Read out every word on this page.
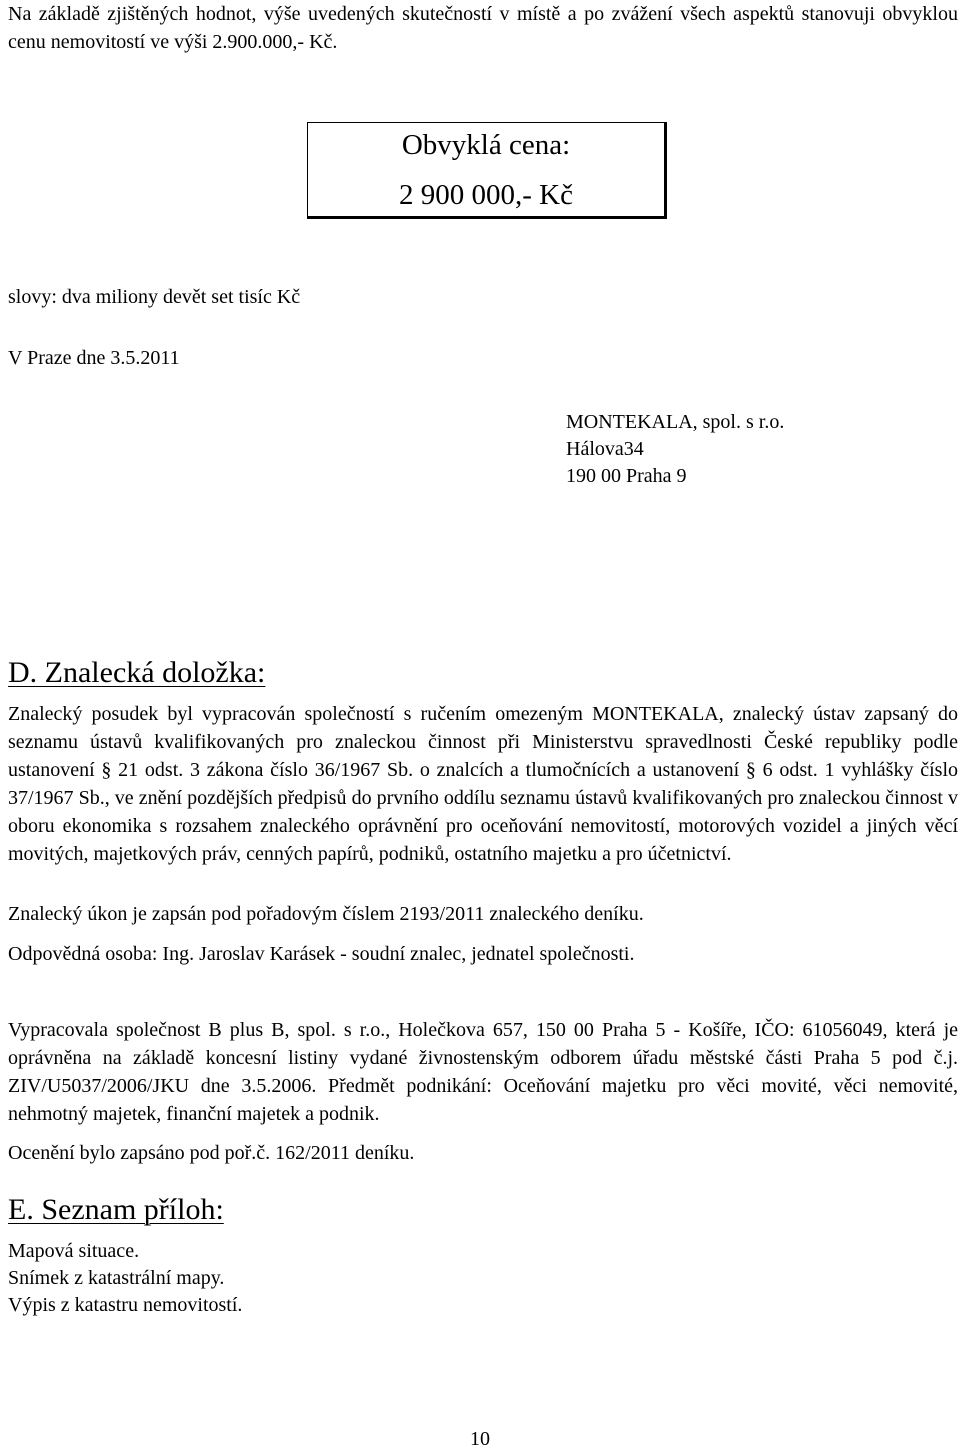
Na základě zjištěných hodnot, výše uvedených skutečností v místě a po zvážení všech aspektů stanovuji obvyklou cenu nemovitostí ve výši 2.900.000,- Kč.

Obvyklá cena:
2 900 000,- Kč
slovy: dva miliony devět set tisíc Kč
V Praze dne 3.5.2011
MONTEKALA, spol. s r.o.
Hálova34
190 00 Praha 9
D. Znalecká doložka:

Znalecký posudek byl vypracován společností s ručením omezeným MONTEKALA, znalecký ústav zapsaný do seznamu ústavů kvalifikovaných pro znaleckou činnost při Ministerstvu spravedlnosti České republiky podle ustanovení § 21 odst. 3 zákona číslo 36/1967 Sb. o znalcích a tlumočnících a ustanovení § 6 odst. 1 vyhlášky číslo 37/1967 Sb., ve znění pozdějších předpisů do prvního oddílu seznamu ústavů kvalifikovaných pro znaleckou činnost v oboru ekonomika s rozsahem znaleckého oprávnění pro oceňování nemovitostí, motorových vozidel a jiných věcí movitých, majetkových práv, cenných papírů, podniků, ostatního majetku a pro účetnictví.

Znalecký úkon je zapsán pod pořadovým číslem 2193/2011 znaleckého deníku.

Odpovědná osoba: Ing. Jaroslav Karásek - soudní znalec, jednatel společnosti.

Vypracovala společnost B plus B, spol. s r.o., Holečkova 657, 150 00 Praha 5 - Košíře, IČO: 61056049, která je oprávněna na základě koncesní listiny vydané živnostenským odborem úřadu městské části Praha 5 pod č.j. ZIV/U5037/2006/JKU dne 3.5.2006. Předmět podnikání: Oceňování majetku pro věci movité, věci nemovité, nehmotný majetek, finanční majetek a podnik.

Ocenění bylo zapsáno pod poř.č. 162/2011 deníku.

E. Seznam příloh:
Mapová situace.
Snímek z katastrální mapy.
Výpis z katastru nemovitostí.
10
